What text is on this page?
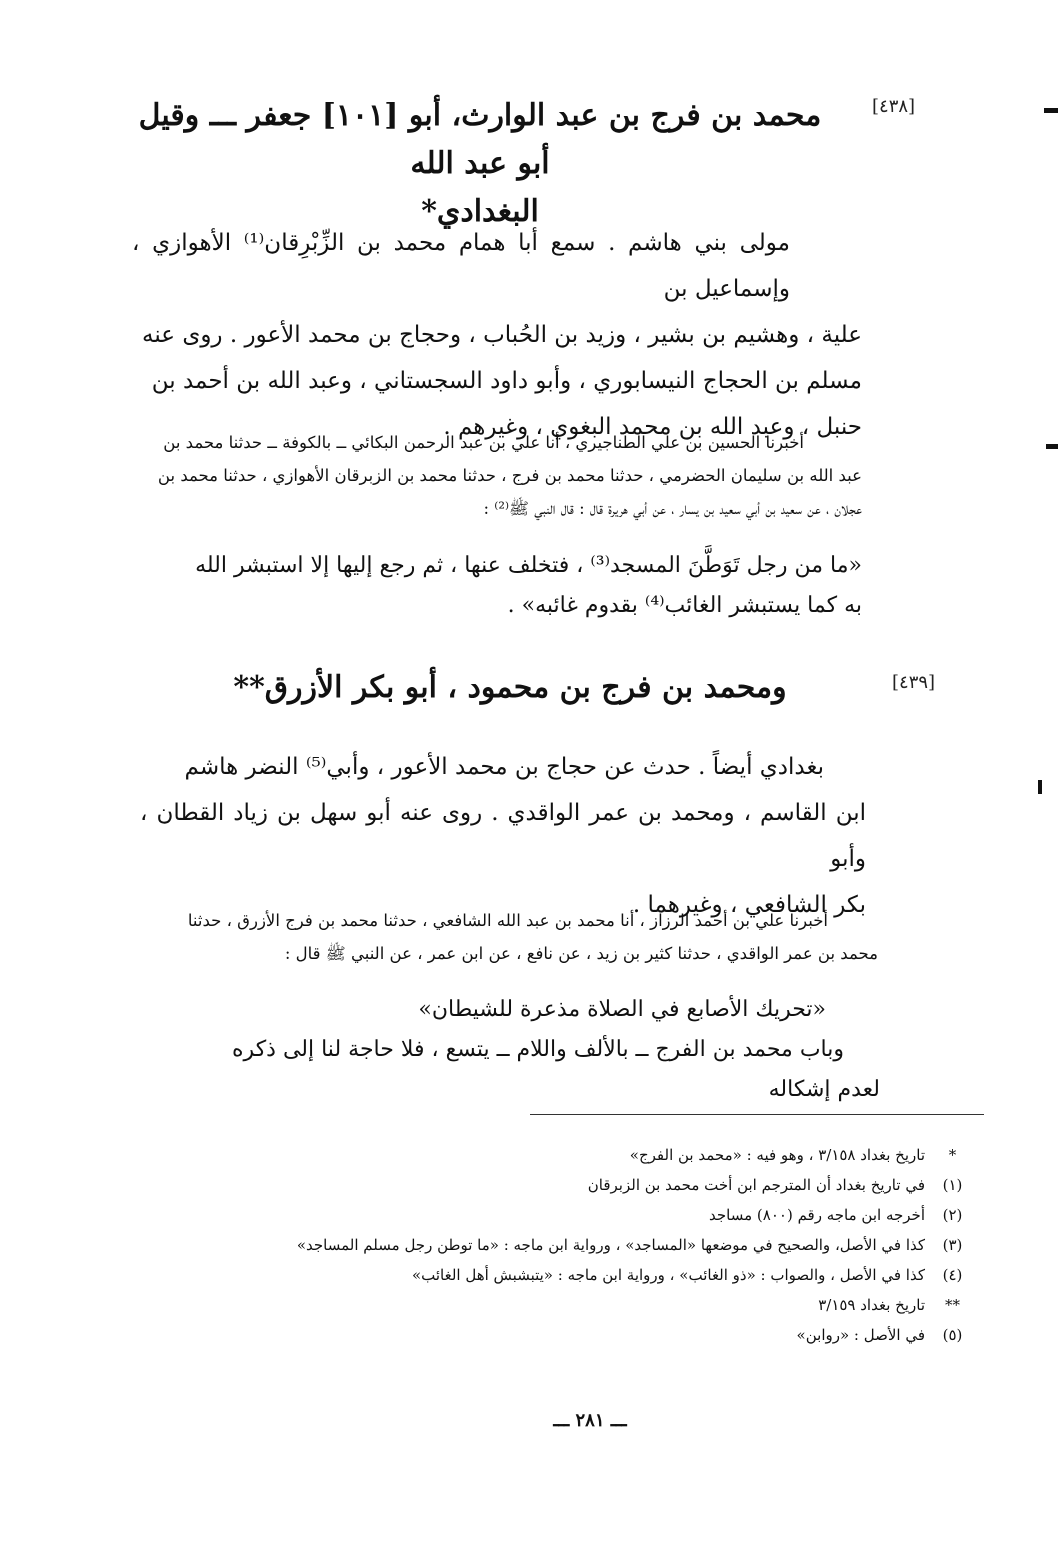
[٤٣٨]

محمد بن فرج بن عبد الوارث، أبو [١٠١] جعفر ـــ وقيل أبو عبد الله

البغدادي*

مولى بني هاشم . سمع أبا همام محمد بن الزِّبْرِقان⁽¹⁾ الأهوازي ، وإسماعيل بن

علية ، وهشيم بن بشير ، وزيد بن الحُباب ، وحجاج بن محمد الأعور . روى عنه

مسلم بن الحجاج النيسابوري ، وأبو داود السجستاني ، وعبد الله بن أحمد بن

حنبل ، وعبد الله بن محمد البغوي ، وغيرهم .

أخبرنا الحسين بن علي الطناجيري ، أنا علي بن عبد الرحمن البكائي ــ بالكوفة ــ حدثنا محمد بن

عبد الله بن سليمان الحضرمي ، حدثنا محمد بن فرج ، حدثنا محمد بن الزبرقان الأهوازي ، حدثنا محمد بن

عجلان ، عن سعيد بن أبي سعيد بن يسار ، عن أبي هريرة قال : قال النبي ﷺ⁽²⁾ :

«ما من رجل تَوَطَّنَ المسجد⁽³⁾ ، فتخلف عنها ، ثم رجع إليها إلا استبشر الله

به كما يستبشر الغائب⁽⁴⁾ بقدوم غائبه» .

[٤٣٩]

ومحمد بن فرج بن محمود ، أبو بكر الأزرق**

بغدادي أيضاً . حدث عن حجاج بن محمد الأعور ، وأبي⁽⁵⁾ النضر هاشم

ابن القاسم ، ومحمد بن عمر الواقدي . روى عنه أبو سهل بن زياد القطان ، وأبو

بكر الشافعي ، وغيرهما .

أخبرنا علي بن أحمد الرزاز ، أنا محمد بن عبد الله الشافعي ، حدثنا محمد بن فرج الأزرق ، حدثنا

محمد بن عمر الواقدي ، حدثنا كثير بن زيد ، عن نافع ، عن ابن عمر ، عن النبي ﷺ قال :

«تحريك الأصابع في الصلاة مذعرة للشيطان»

وباب محمد بن الفرج ــ بالألف واللام ــ يتسع ، فلا حاجة لنا إلى ذكره

لعدم إشكاله

*
تاريخ بغداد ٣/١٥٨ ، وهو فيه : «محمد بن الفرج»
(١)
في تاريخ بغداد أن المترجم ابن أخت محمد بن الزبرقان
(٢)
أخرجه ابن ماجه رقم (٨٠٠) مساجد
(٣)
كذا في الأصل، والصحيح في موضعها «المساجد» ، ورواية ابن ماجه : «ما توطن رجل مسلم المساجد»
(٤)
كذا في الأصل ، والصواب : «ذو الغائب» ، ورواية ابن ماجه : «يتبشبش أهل الغائب»
**
تاريخ بغداد ٣/١٥٩
(٥)
في الأصل : «روابن»
ـــ ٢٨١ ـــ
